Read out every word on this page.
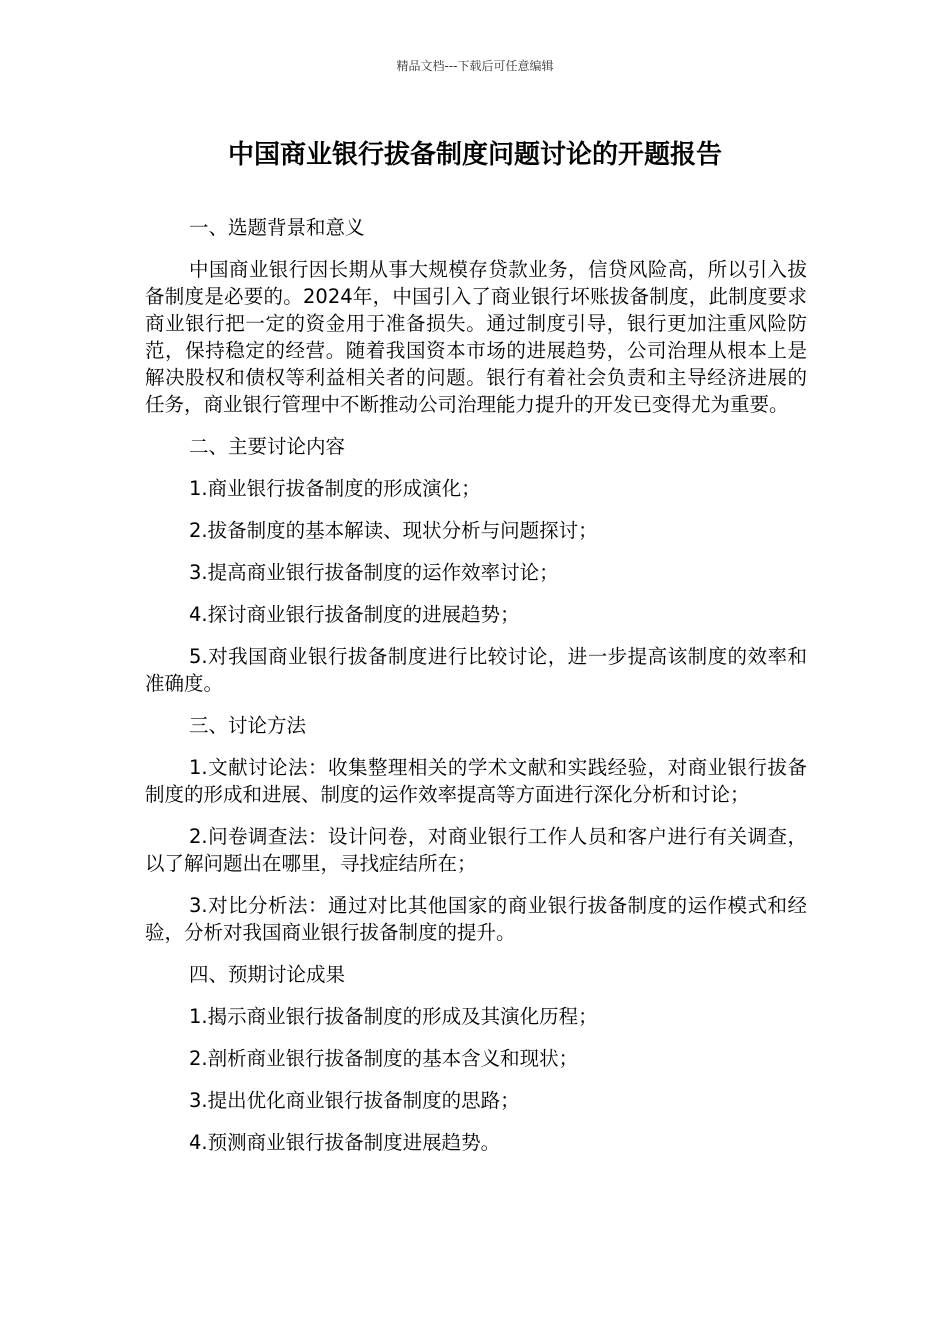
精品文档---下载后可任意编辑
中国商业银行拔备制度问题讨论的开题报告

一、选题背景和意义

中国商业银行因长期从事大规模存贷款业务，信贷风险高，所以引入拔备制度是必要的。2024年，中国引入了商业银行坏账拔备制度，此制度要求商业银行把一定的资金用于准备损失。通过制度引导，银行更加注重风险防范，保持稳定的经营。随着我国资本市场的进展趋势，公司治理从根本上是解决股权和债权等利益相关者的问题。银行有着社会负责和主导经济进展的任务，商业银行管理中不断推动公司治理能力提升的开发已变得尤为重要。

二、主要讨论内容

1.商业银行拔备制度的形成演化；

2.拔备制度的基本解读、现状分析与问题探讨；

3.提高商业银行拔备制度的运作效率讨论；

4.探讨商业银行拔备制度的进展趋势；

5.对我国商业银行拔备制度进行比较讨论，进一步提高该制度的效率和准确度。

三、讨论方法

1.文献讨论法：收集整理相关的学术文献和实践经验，对商业银行拔备制度的形成和进展、制度的运作效率提高等方面进行深化分析和讨论；

2.问卷调查法：设计问卷，对商业银行工作人员和客户进行有关调查，以了解问题出在哪里，寻找症结所在；

3.对比分析法：通过对比其他国家的商业银行拔备制度的运作模式和经验，分析对我国商业银行拔备制度的提升。

四、预期讨论成果

1.揭示商业银行拔备制度的形成及其演化历程；

2.剖析商业银行拔备制度的基本含义和现状；

3.提出优化商业银行拔备制度的思路；

4.预测商业银行拔备制度进展趋势。
